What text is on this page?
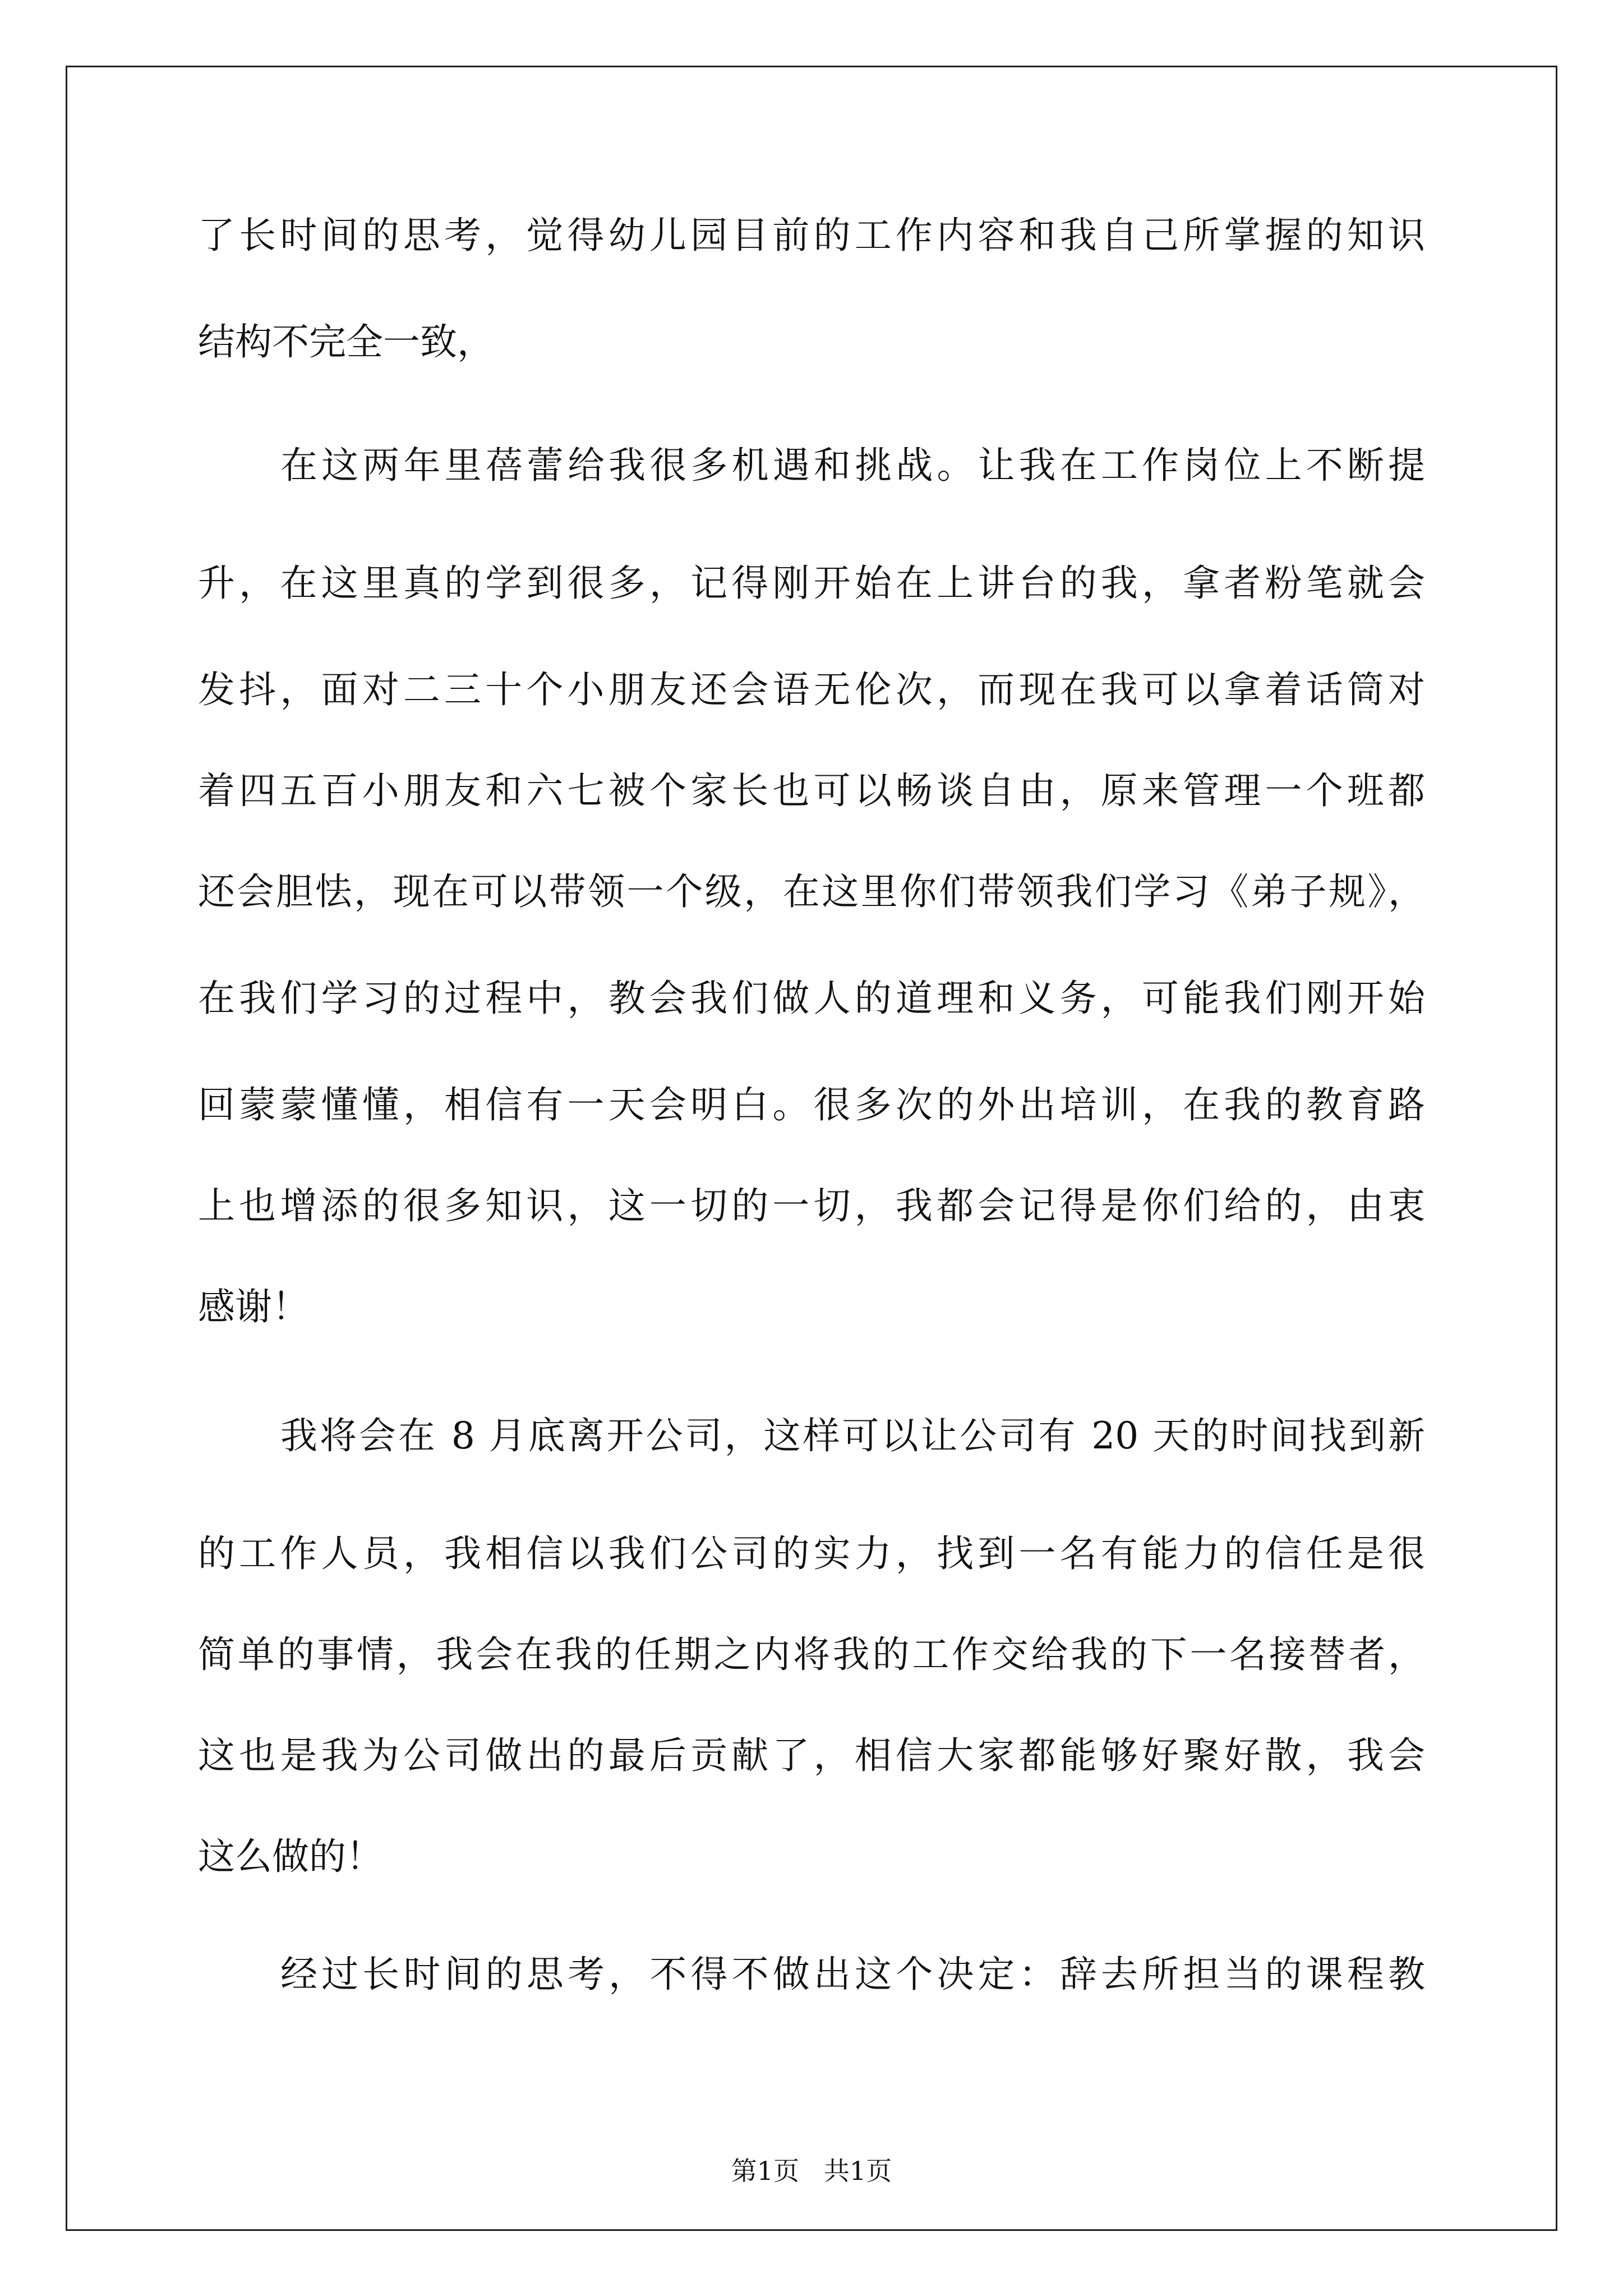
了长时间的思考，觉得幼儿园目前的工作内容和我自己所掌握的知识
结构不完全一致，
在这两年里蓓蕾给我很多机遇和挑战。让我在工作岗位上不断提
升，在这里真的学到很多，记得刚开始在上讲台的我，拿者粉笔就会
发抖，面对二三十个小朋友还会语无伦次，而现在我可以拿着话筒对
着四五百小朋友和六七被个家长也可以畅谈自由，原来管理一个班都
还会胆怯，现在可以带领一个级，在这里你们带领我们学习《弟子规》，
在我们学习的过程中，教会我们做人的道理和义务，可能我们刚开始
回蒙蒙懂懂，相信有一天会明白。很多次的外出培训，在我的教育路
上也增添的很多知识，这一切的一切，我都会记得是你们给的，由衷
感谢！
我将会在 8 月底离开公司，这样可以让公司有 20 天的时间找到新
的工作人员，我相信以我们公司的实力，找到一名有能力的信任是很
简单的事情，我会在我的任期之内将我的工作交给我的下一名接替者，
这也是我为公司做出的最后贡献了，相信大家都能够好聚好散，我会
这么做的！
经过长时间的思考，不得不做出这个决定：辞去所担当的课程教
第1页   共1页
